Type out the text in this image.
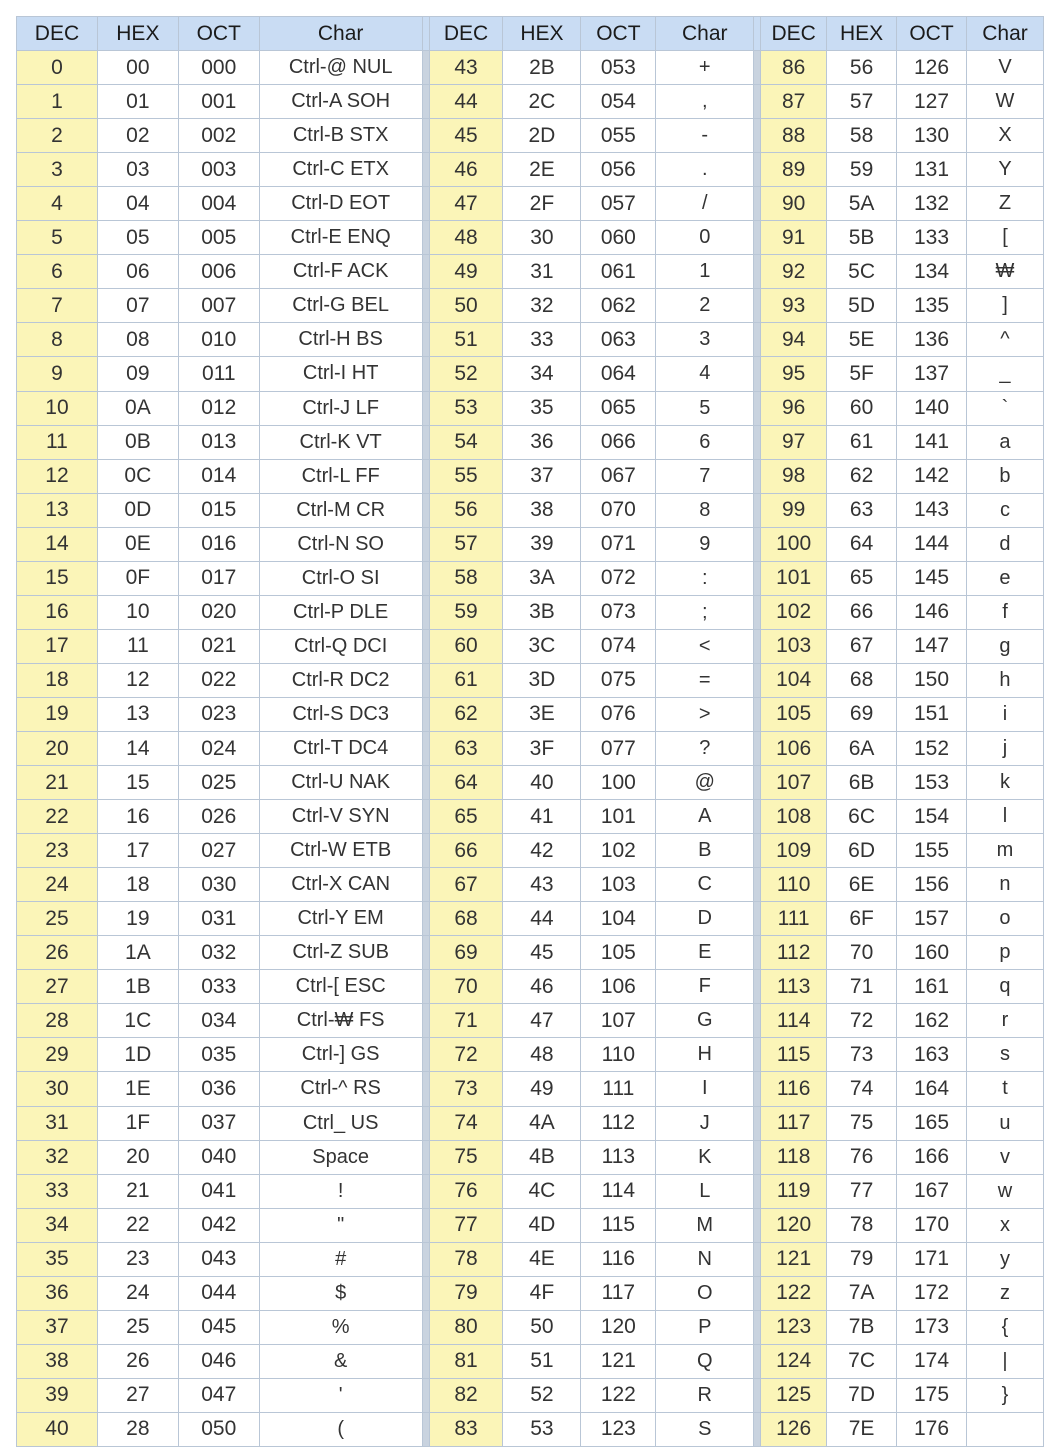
DEC	HEX	OCT	Char		DEC	HEX	OCT	Char		DEC	HEX	OCT	Char
0	00	000	Ctrl-@ NUL		43	2B	053	+		86	56	126	V
1	01	001	Ctrl-A SOH		44	2C	054	,		87	57	127	W
2	02	002	Ctrl-B STX		45	2D	055	-		88	58	130	X
3	03	003	Ctrl-C ETX		46	2E	056	.		89	59	131	Y
4	04	004	Ctrl-D EOT		47	2F	057	/		90	5A	132	Z
5	05	005	Ctrl-E ENQ		48	30	060	0		91	5B	133	[
6	06	006	Ctrl-F ACK		49	31	061	1		92	5C	134	₩
7	07	007	Ctrl-G BEL		50	32	062	2		93	5D	135	]
8	08	010	Ctrl-H BS		51	33	063	3		94	5E	136	^
9	09	011	Ctrl-I HT		52	34	064	4		95	5F	137	_
10	0A	012	Ctrl-J LF		53	35	065	5		96	60	140	`
11	0B	013	Ctrl-K VT		54	36	066	6		97	61	141	a
12	0C	014	Ctrl-L FF		55	37	067	7		98	62	142	b
13	0D	015	Ctrl-M CR		56	38	070	8		99	63	143	c
14	0E	016	Ctrl-N SO		57	39	071	9		100	64	144	d
15	0F	017	Ctrl-O SI		58	3A	072	:		101	65	145	e
16	10	020	Ctrl-P DLE		59	3B	073	;		102	66	146	f
17	11	021	Ctrl-Q DCI		60	3C	074	<		103	67	147	g
18	12	022	Ctrl-R DC2		61	3D	075	=		104	68	150	h
19	13	023	Ctrl-S DC3		62	3E	076	>		105	69	151	i
20	14	024	Ctrl-T DC4		63	3F	077	?		106	6A	152	j
21	15	025	Ctrl-U NAK		64	40	100	@		107	6B	153	k
22	16	026	Ctrl-V SYN		65	41	101	A		108	6C	154	l
23	17	027	Ctrl-W ETB		66	42	102	B		109	6D	155	m
24	18	030	Ctrl-X CAN		67	43	103	C		110	6E	156	n
25	19	031	Ctrl-Y EM		68	44	104	D		111	6F	157	o
26	1A	032	Ctrl-Z SUB		69	45	105	E		112	70	160	p
27	1B	033	Ctrl-[ ESC		70	46	106	F		113	71	161	q
28	1C	034	Ctrl-₩ FS		71	47	107	G		114	72	162	r
29	1D	035	Ctrl-] GS		72	48	110	H		115	73	163	s
30	1E	036	Ctrl-^ RS		73	49	111	I		116	74	164	t
31	1F	037	Ctrl_ US		74	4A	112	J		117	75	165	u
32	20	040	Space		75	4B	113	K		118	76	166	v
33	21	041	!		76	4C	114	L		119	77	167	w
34	22	042	"		77	4D	115	M		120	78	170	x
35	23	043	#		78	4E	116	N		121	79	171	y
36	24	044	$		79	4F	117	O		122	7A	172	z
37	25	045	%		80	50	120	P		123	7B	173	{
38	26	046	&		81	51	121	Q		124	7C	174	|
39	27	047	'		82	52	122	R		125	7D	175	}
40	28	050	(		83	53	123	S		126	7E	176	
